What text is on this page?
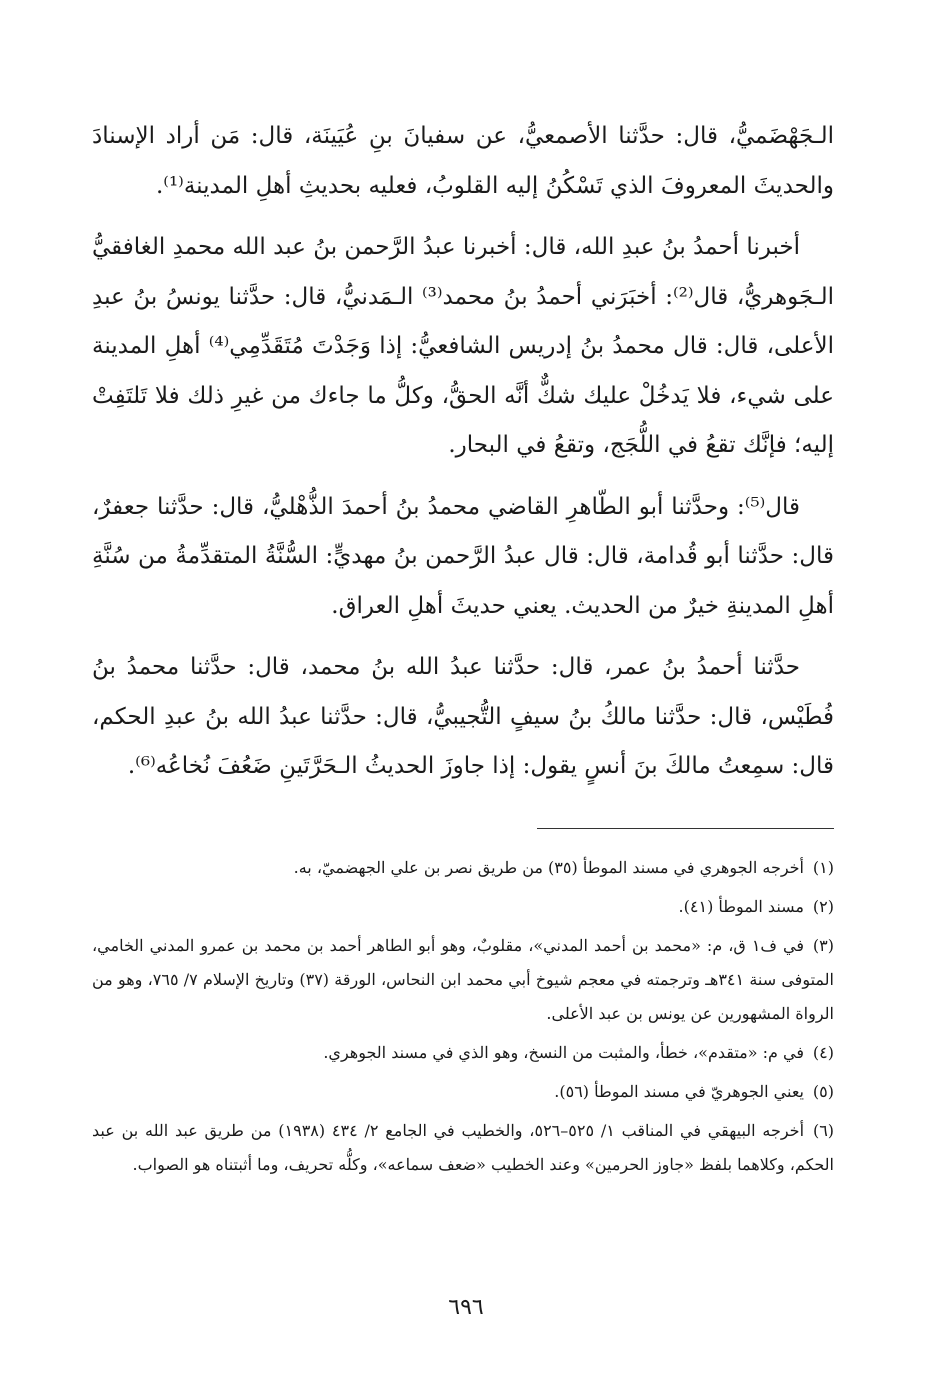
الـجَهْضَميُّ، قال: حدَّثنا الأصمعيُّ، عن سفيانَ بنِ عُيَينَة، قال: مَن أراد الإسنادَ والحديثَ المعروفَ الذي تَسْكُنُ إليه القلوبُ، فعليه بحديثِ أهلِ المدينة⁽¹⁾.

أخبرنا أحمدُ بنُ عبدِ الله، قال: أخبرنا عبدُ الرَّحمن بنُ عبد الله محمدِ الغافقيُّ الـجَوهريُّ، قال⁽²⁾: أخبَرَني أحمدُ بنُ محمد⁽³⁾ الـمَدنيُّ، قال: حدَّثنا يونسُ بنُ عبدِ الأعلى، قال: قال محمدُ بنُ إدريس الشافعيُّ: إذا وَجَدْتَ مُتَقَدِّمِي⁽⁴⁾ أهلِ المدينة على شيء، فلا يَدخُلْ عليك شكٌّ أنَّه الحقُّ، وكلُّ ما جاءك من غيرِ ذلك فلا تَلتَفِتْ إليه؛ فإنَّك تقعُ في اللُّجَج، وتقعُ في البحار.

قال⁽⁵⁾: وحدَّثنا أبو الطّاهرِ القاضي محمدُ بنُ أحمدَ الذُّهْليُّ، قال: حدَّثنا جعفرٌ، قال: حدَّثنا أبو قُدامة، قال: قال عبدُ الرَّحمن بنُ مهديٍّ: السُّنَّةُ المتقدِّمةُ من سُنَّةِ أهلِ المدينةِ خيرٌ من الحديث. يعني حديثَ أهلِ العراق.

حدَّثنا أحمدُ بنُ عمر، قال: حدَّثنا عبدُ الله بنُ محمد، قال: حدَّثنا محمدُ بنُ فُطَيْس، قال: حدَّثنا مالكُ بنُ سيفٍ التُّجيبيُّ، قال: حدَّثنا عبدُ الله بنُ عبدِ الحكم، قال: سمِعتُ مالكَ بنَ أنسٍ يقول: إذا جاوزَ الحديثُ الـحَرَّتَينِ ضَعُفَ نُخاعُه⁽⁶⁾.

(١)أخرجه الجوهري في مسند الموطأ (٣٥) من طريق نصر بن علي الجهضميّ، به.

(٢)مسند الموطأ (٤١).

(٣)في ف١ ق، م: «محمد بن أحمد المدني»، مقلوبٌ، وهو أبو الطاهر أحمد بن محمد بن عمرو المدني الخامي، المتوفى سنة ٣٤١هـ وترجمته في معجم شيوخ أبي محمد ابن النحاس، الورقة (٣٧) وتاريخ الإسلام ٧/ ٧٦٥، وهو من الرواة المشهورين عن يونس بن عبد الأعلى.

(٤)في م: «متقدم»، خطأ، والمثبت من النسخ، وهو الذي في مسند الجوهري.

(٥)يعني الجوهريّ في مسند الموطأ (٥٦).

(٦)أخرجه البيهقي في المناقب ١/ ٥٢٥–٥٢٦، والخطيب في الجامع ٢/ ٤٣٤ (١٩٣٨) من طريق عبد الله بن عبد الحكم، وكلاهما بلفظ «جاوز الحرمين» وعند الخطيب «ضعف سماعه»، وكلُّه تحريف، وما أثبتناه هو الصواب.

٦٩٦
